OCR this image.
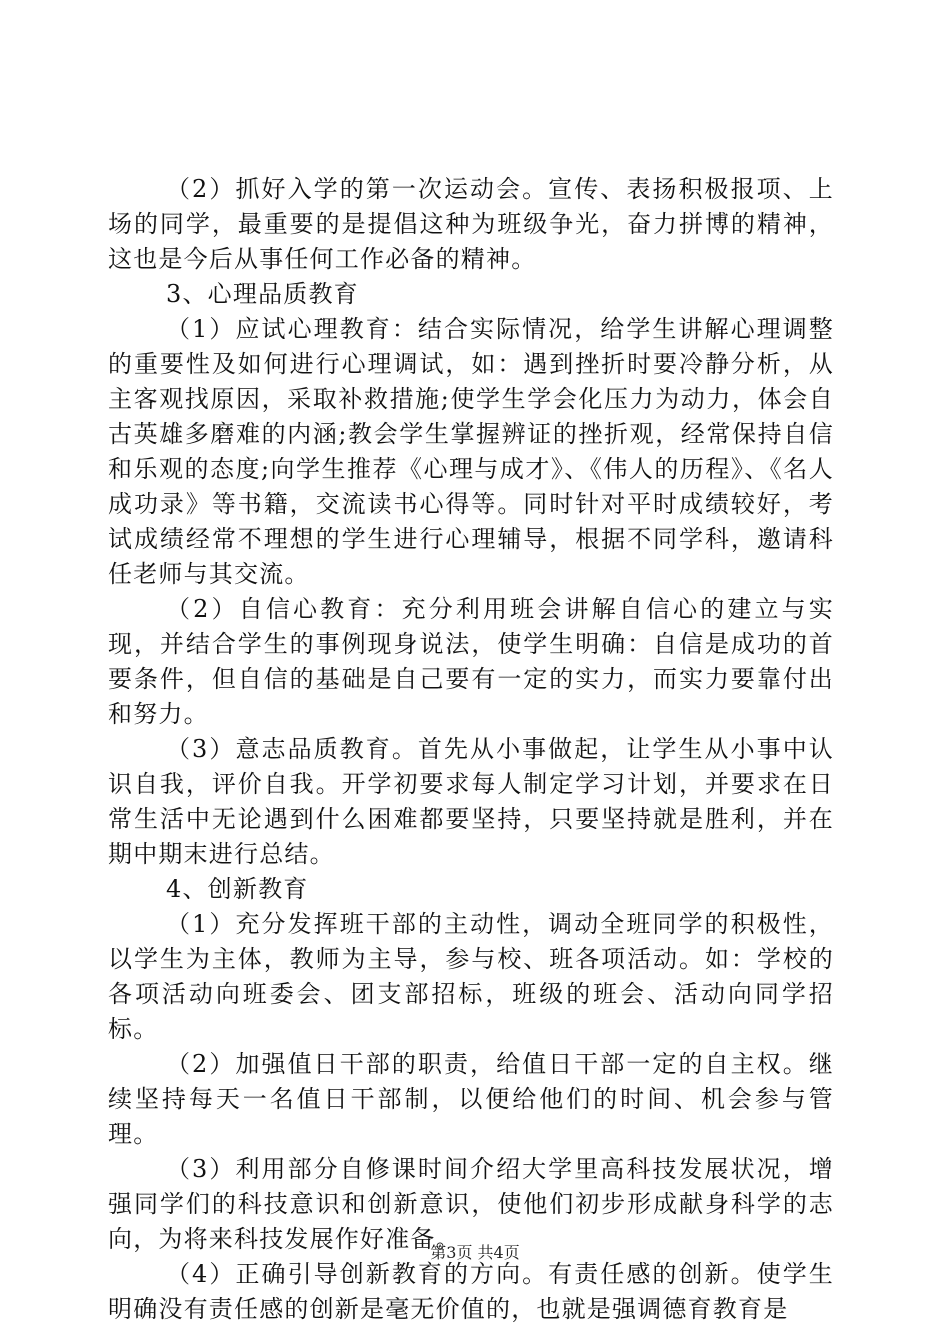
（2）抓好入学的第一次运动会。宣传、表扬积极报项、上场的同学，最重要的是提倡这种为班级争光，奋力拼博的精神，这也是今后从事任何工作必备的精神。

3、心理品质教育

（1）应试心理教育：结合实际情况，给学生讲解心理调整的重要性及如何进行心理调试，如：遇到挫折时要冷静分析，从主客观找原因，采取补救措施;使学生学会化压力为动力，体会自古英雄多磨难的内涵;教会学生掌握辨证的挫折观，经常保持自信和乐观的态度;向学生推荐《心理与成才》、《伟人的历程》、《名人成功录》等书籍，交流读书心得等。同时针对平时成绩较好，考试成绩经常不理想的学生进行心理辅导，根据不同学科，邀请科任老师与其交流。

（2）自信心教育：充分利用班会讲解自信心的建立与实现，并结合学生的事例现身说法，使学生明确：自信是成功的首要条件，但自信的基础是自己要有一定的实力，而实力要靠付出和努力。

（3）意志品质教育。首先从小事做起，让学生从小事中认识自我，评价自我。开学初要求每人制定学习计划，并要求在日常生活中无论遇到什么困难都要坚持，只要坚持就是胜利，并在期中期末进行总结。

4、创新教育

（1）充分发挥班干部的主动性，调动全班同学的积极性，以学生为主体，教师为主导，参与校、班各项活动。如：学校的各项活动向班委会、团支部招标，班级的班会、活动向同学招标。

（2）加强值日干部的职责，给值日干部一定的自主权。继续坚持每天一名值日干部制，以便给他们的时间、机会参与管理。

（3）利用部分自修课时间介绍大学里高科技发展状况，增强同学们的科技意识和创新意识，使他们初步形成献身科学的志向，为将来科技发展作好准备。

（4）正确引导创新教育的方向。有责任感的创新。使学生明确没有责任感的创新是毫无价值的，也就是强调德育教育是

第3页 共4页
